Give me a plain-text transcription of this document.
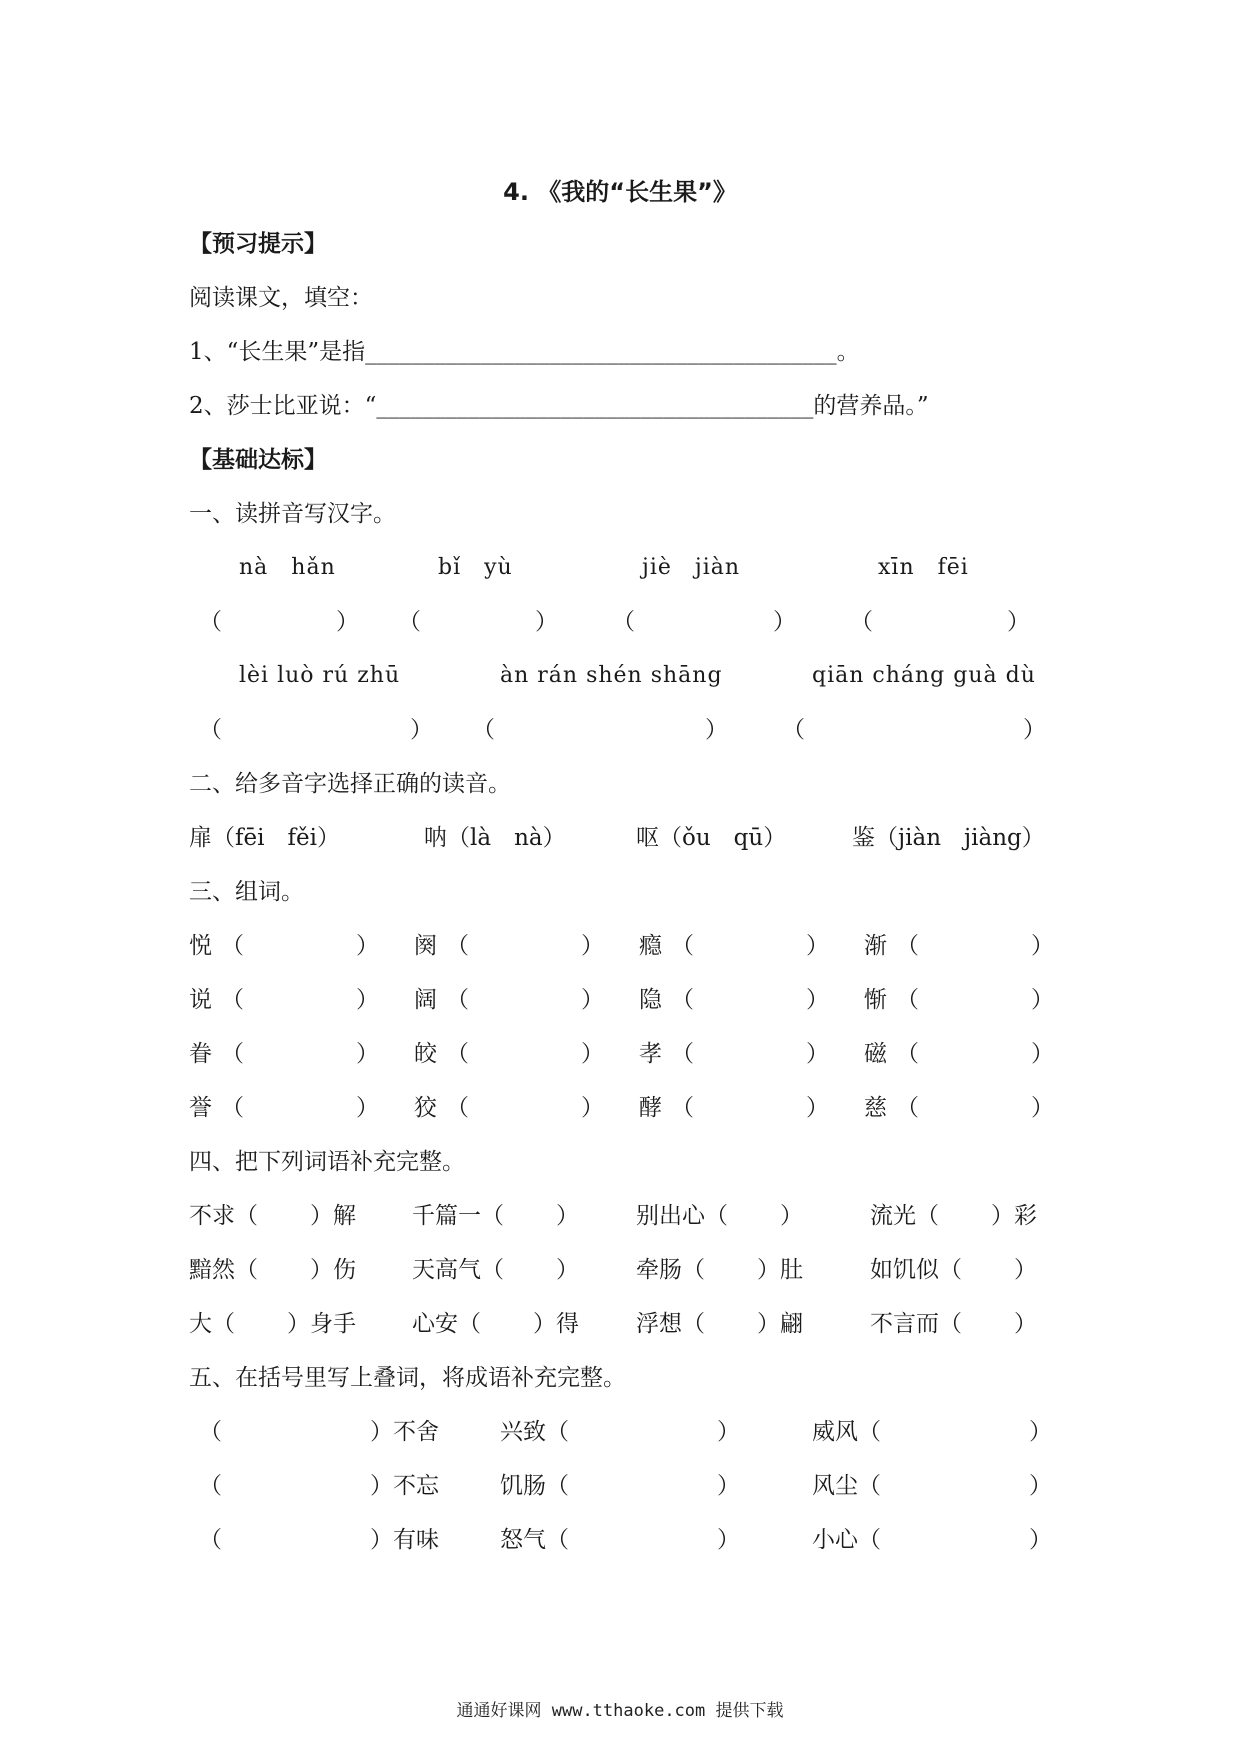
4. 《我的“长生果”》
【预习提示】
阅读课文，填空：
1、“长生果”是指_________________________________________。
2、莎士比亚说：“______________________________________的营养品。”
【基础达标】
一、读拼音写汉字。
nà　hǎn	bǐ　yù	jiè　jiàn	xīn　fēi
（	） （	） （	） （	）
lèi luò rú zhū	àn rán shén shāng	qiān cháng guà dù
（	） （	） （	）
二、给多音字选择正确的读音。
扉（fēi　fěi）	呐（là　nà）	呕（ǒu　qū）	鉴（jiàn　jiàng）
三、组词。
悦 （	） 阕 （	） 瘾 （	） 渐 （	）
说 （	） 阔 （	） 隐 （	） 惭 （	）
眷 （	） 皎 （	） 孝 （	） 磁 （	）
誉 （	） 狡 （	） 酵 （	） 慈 （	）
四、把下列词语补充完整。
不求（ ）解 千篇一（ ） 别出心（ ）	流光（ ）彩
黯然（ ）伤 天高气（ ） 牵肠（ ）肚	如饥似（ ）
大（ ）身手 心安（ ）得 浮想（ ）翩	不言而（ ）
五、在括号里写上叠词，将成语补充完整。
（	）不舍	兴致（	）	威风（	）
（	）不忘	饥肠（	）	风尘（	）
（	）有味	怒气（	）	小心（	）
通通好课网 www.tthaoke.com 提供下载
